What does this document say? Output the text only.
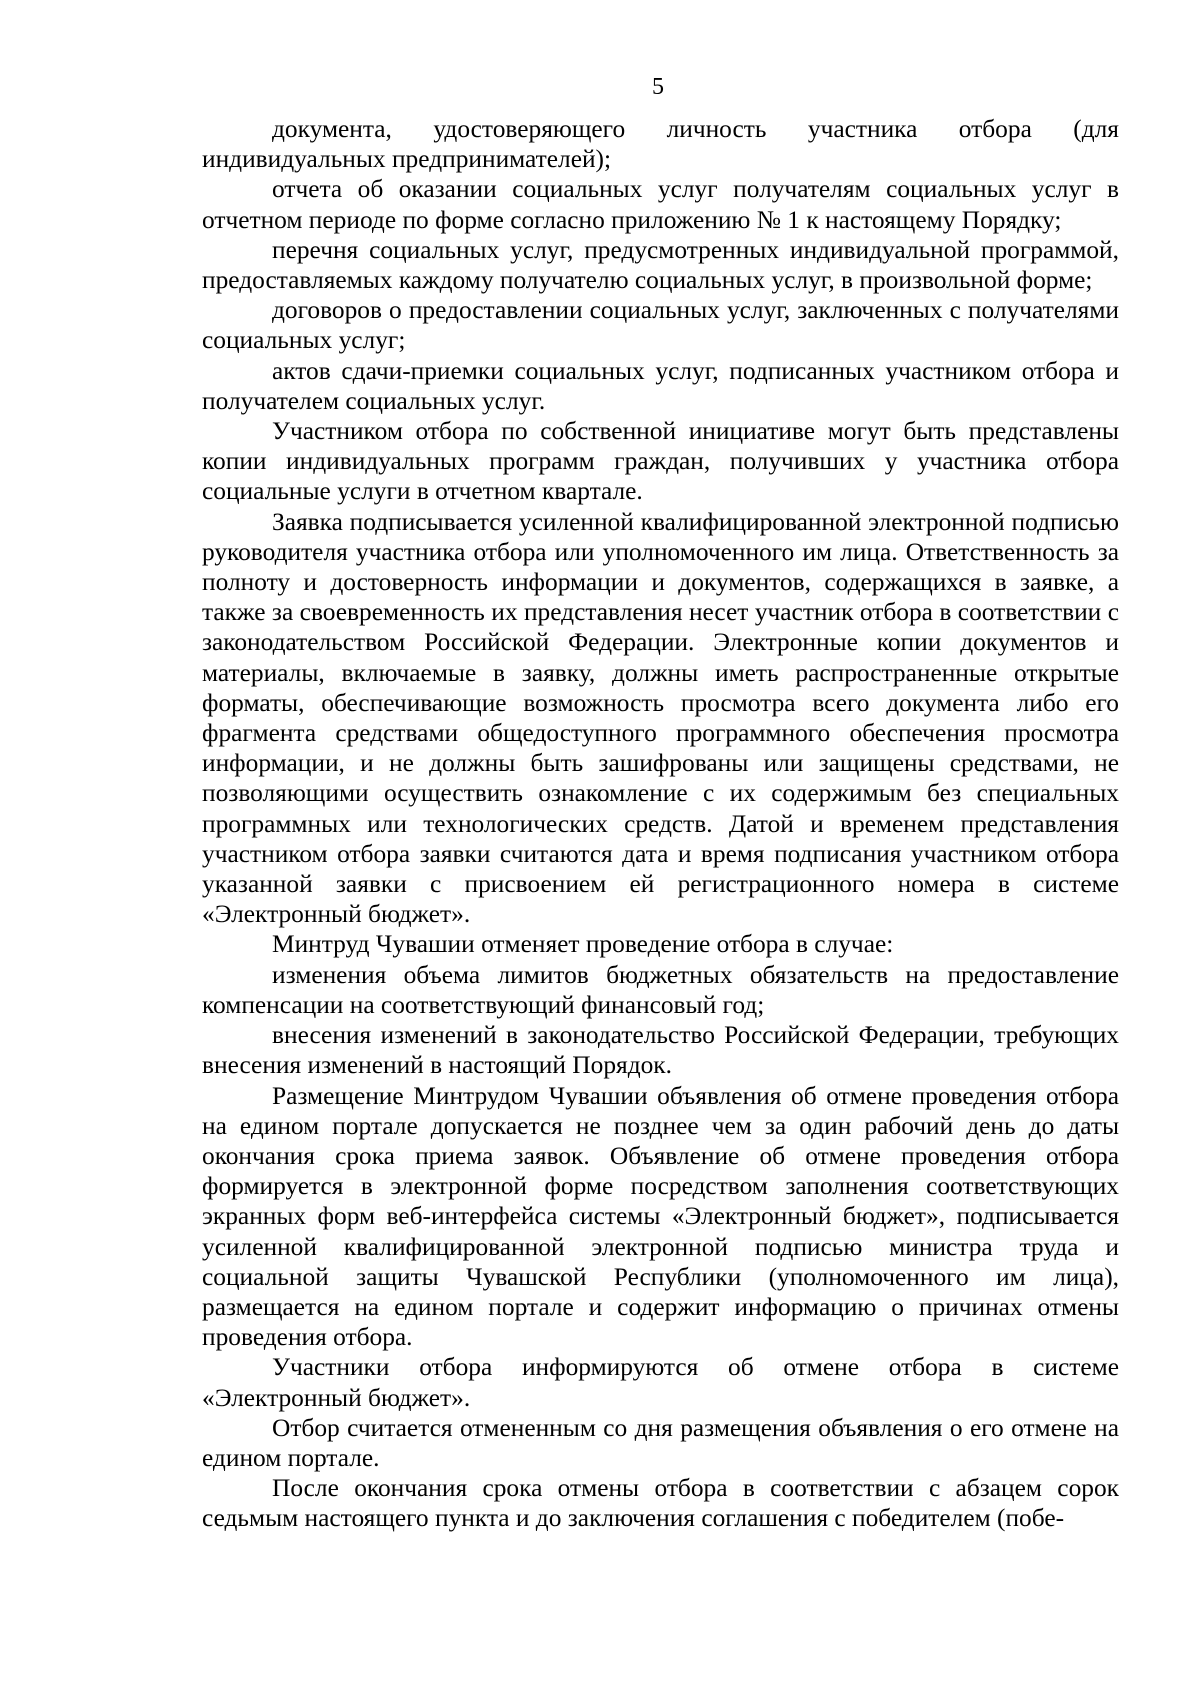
5

документа, удостоверяющего личность участника отбора (для индивидуальных предпринимателей);

отчета об оказании социальных услуг получателям социальных услуг в отчетном периоде по форме согласно приложению № 1 к настоящему Порядку;

перечня социальных услуг, предусмотренных индивидуальной программой, предоставляемых каждому получателю социальных услуг, в произвольной форме;

договоров о предоставлении социальных услуг, заключенных с получателями социальных услуг;

актов сдачи-приемки социальных услуг, подписанных участником отбора и получателем социальных услуг.

Участником отбора по собственной инициативе могут быть представлены копии индивидуальных программ граждан, получивших у участника отбора социальные услуги в отчетном квартале.

Заявка подписывается усиленной квалифицированной электронной подписью руководителя участника отбора или уполномоченного им лица. Ответственность за полноту и достоверность информации и документов, содержащихся в заявке, а также за своевременность их представления несет участник отбора в соответствии с законодательством Российской Федерации. Электронные копии документов и материалы, включаемые в заявку, должны иметь распространенные открытые форматы, обеспечивающие возможность просмотра всего документа либо его фрагмента средствами общедоступного программного обеспечения просмотра информации, и не должны быть зашифрованы или защищены средствами, не позволяющими осуществить ознакомление с их содержимым без специальных программных или технологических средств. Датой и временем представления участником отбора заявки считаются дата и время подписания участником отбора указанной заявки с присвоением ей регистрационного номера в системе «Электронный бюджет».

Минтруд Чувашии отменяет проведение отбора в случае:

изменения объема лимитов бюджетных обязательств на предоставление компенсации на соответствующий финансовый год;

внесения изменений в законодательство Российской Федерации, требующих внесения изменений в настоящий Порядок.

Размещение Минтрудом Чувашии объявления об отмене проведения отбора на едином портале допускается не позднее чем за один рабочий день до даты окончания срока приема заявок. Объявление об отмене проведения отбора формируется в электронной форме посредством заполнения соответствующих экранных форм веб-интерфейса системы «Электронный бюджет», подписывается усиленной квалифицированной электронной подписью министра труда и социальной защиты Чувашской Республики (уполномоченного им лица), размещается на едином портале и содержит информацию о причинах отмены проведения отбора.

Участники отбора информируются об отмене отбора в системе «Электронный бюджет».

Отбор считается отмененным со дня размещения объявления о его отмене на едином портале.

После окончания срока отмены отбора в соответствии с абзацем сорок седьмым настоящего пункта и до заключения соглашения с победителем (побе-
